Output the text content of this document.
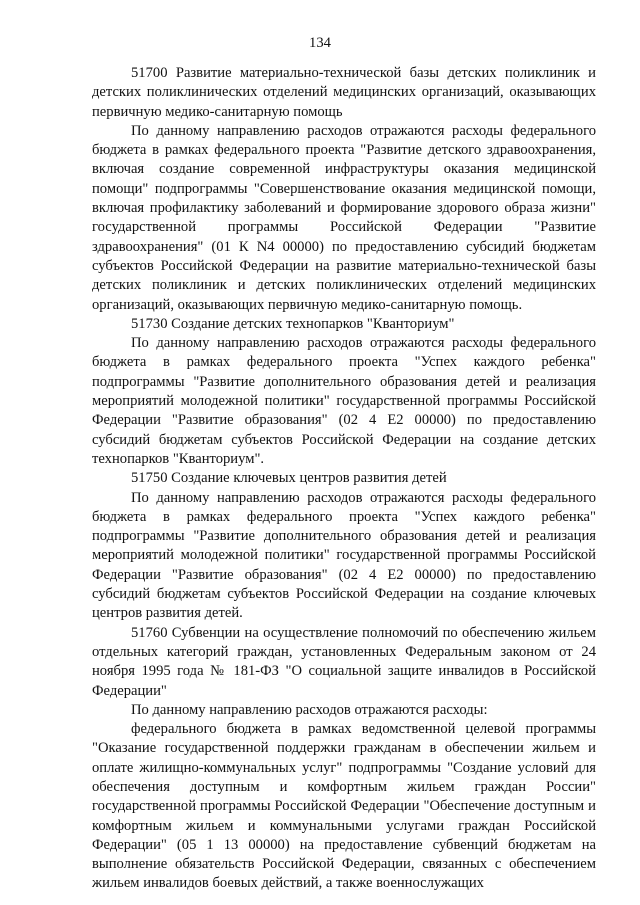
134

51700 Развитие материально-технической базы детских поликлиник и детских поликлинических отделений медицинских организаций, оказывающих первичную медико-санитарную помощь

По данному направлению расходов отражаются расходы федерального бюджета в рамках федерального проекта "Развитие детского здравоохранения, включая создание современной инфраструктуры оказания медицинской помощи" подпрограммы "Совершенствование оказания медицинской помощи, включая профилактику заболеваний и формирование здорового образа жизни" государственной программы Российской Федерации "Развитие здравоохранения" (01 К N4 00000) по предоставлению субсидий бюджетам субъектов Российской Федерации на развитие материально-технической базы детских поликлиник и детских поликлинических отделений медицинских организаций, оказывающих первичную медико-санитарную помощь.

51730 Создание детских технопарков "Кванториум"

По данному направлению расходов отражаются расходы федерального бюджета в рамках федерального проекта "Успех каждого ребенка" подпрограммы "Развитие дополнительного образования детей и реализация мероприятий молодежной политики" государственной программы Российской Федерации "Развитие образования" (02 4 Е2 00000) по предоставлению субсидий бюджетам субъектов Российской Федерации на создание детских технопарков "Кванториум".

51750 Создание ключевых центров развития детей

По данному направлению расходов отражаются расходы федерального бюджета в рамках федерального проекта "Успех каждого ребенка" подпрограммы "Развитие дополнительного образования детей и реализация мероприятий молодежной политики" государственной программы Российской Федерации "Развитие образования" (02 4 Е2 00000) по предоставлению субсидий бюджетам субъектов Российской Федерации на создание ключевых центров развития детей.

51760 Субвенции на осуществление полномочий по обеспечению жильем отдельных категорий граждан, установленных Федеральным законом от 24 ноября 1995 года № 181-ФЗ "О социальной защите инвалидов в Российской Федерации"

По данному направлению расходов отражаются расходы:

федерального бюджета в рамках ведомственной целевой программы "Оказание государственной поддержки гражданам в обеспечении жильем и оплате жилищно-коммунальных услуг" подпрограммы "Создание условий для обеспечения доступным и комфортным жильем граждан России" государственной программы Российской Федерации "Обеспечение доступным и комфортным жильем и коммунальными услугами граждан Российской Федерации" (05 1 13 00000) на предоставление субвенций бюджетам на выполнение обязательств Российской Федерации, связанных с обеспечением жильем инвалидов боевых действий, а также военнослужащих
